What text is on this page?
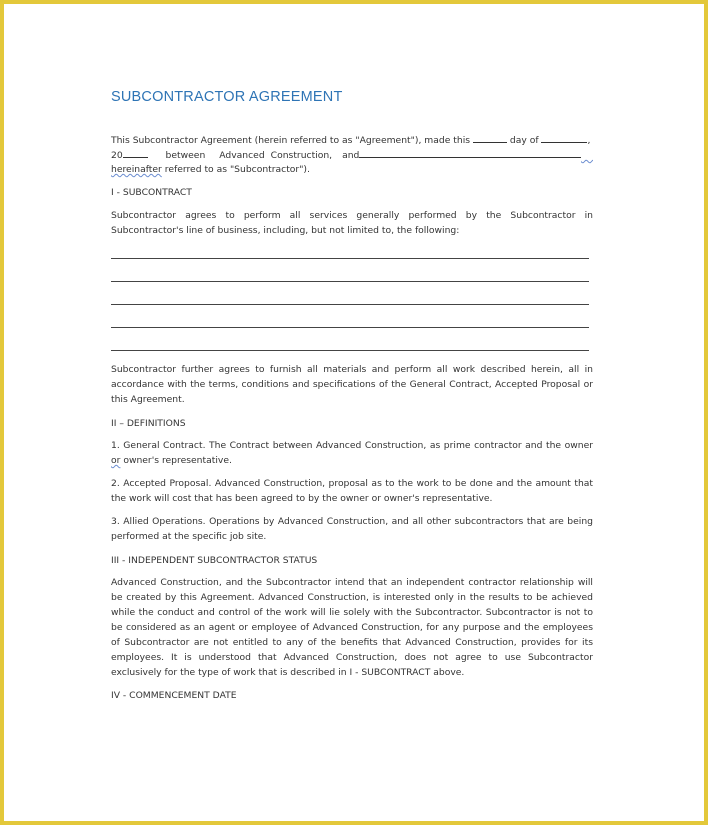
SUBCONTRACTOR AGREEMENT
This Subcontractor Agreement (herein referred to as "Agreement"), made this	day of	,
20	between Advanced Construction, and	____
hereinafter referred to as "Subcontractor").
I - SUBCONTRACT
Subcontractor agrees to perform all services generally performed by the Subcontractor in Subcontractor's line of business, including, but not limited to, the following:
Subcontractor further agrees to furnish all materials and perform all work described herein, all in accordance with the terms, conditions and specifications of the General Contract, Accepted Proposal or this Agreement.
II – DEFINITIONS
1. General Contract. The Contract between Advanced Construction, as prime contractor and the owner or owner's representative.
2. Accepted Proposal. Advanced Construction, proposal as to the work to be done and the amount that the work will cost that has been agreed to by the owner or owner's representative.
3. Allied Operations. Operations by Advanced Construction, and all other subcontractors that are being performed at the specific job site.
III - INDEPENDENT SUBCONTRACTOR STATUS
Advanced Construction, and the Subcontractor intend that an independent contractor relationship will be created by this Agreement. Advanced Construction, is interested only in the results to be achieved while the conduct and control of the work will lie solely with the Subcontractor. Subcontractor is not to be considered as an agent or employee of Advanced Construction, for any purpose and the employees of Subcontractor are not entitled to any of the benefits that Advanced Construction, provides for its employees. It is understood that Advanced Construction, does not agree to use Subcontractor exclusively for the type of work that is described in I - SUBCONTRACT above.
IV - COMMENCEMENT DATE
